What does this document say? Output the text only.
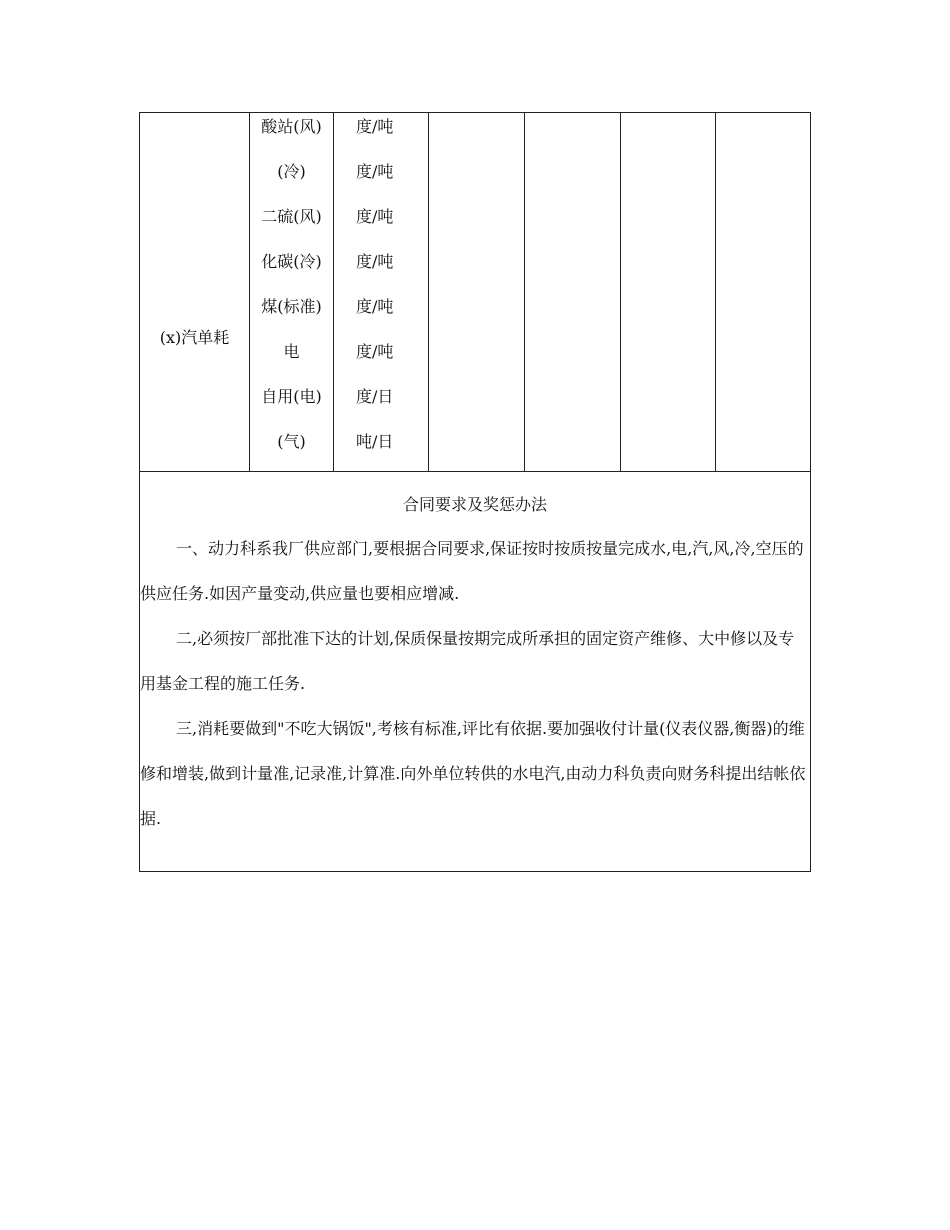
(x)汽单耗
酸站(风)
(冷)
二硫(风)
化碳(冷)
煤(标准)
电
自用(电)
(气)
度/吨
度/吨
度/吨
度/吨
度/吨
度/吨
度/日
吨/日
合同要求及奖惩办法
一、动力科系我厂供应部门,要根据合同要求,保证按时按质按量完成水,电,汽,风,冷,空压的供应任务.如因产量变动,供应量也要相应增减.
二,必须按厂部批准下达的计划,保质保量按期完成所承担的固定资产维修、大中修以及专用基金工程的施工任务.
三,消耗要做到"不吃大锅饭",考核有标准,评比有依据.要加强收付计量(仪表仪器,衡器)的维修和增装,做到计量准,记录准,计算准.向外单位转供的水电汽,由动力科负责向财务科提出结帐依据.
